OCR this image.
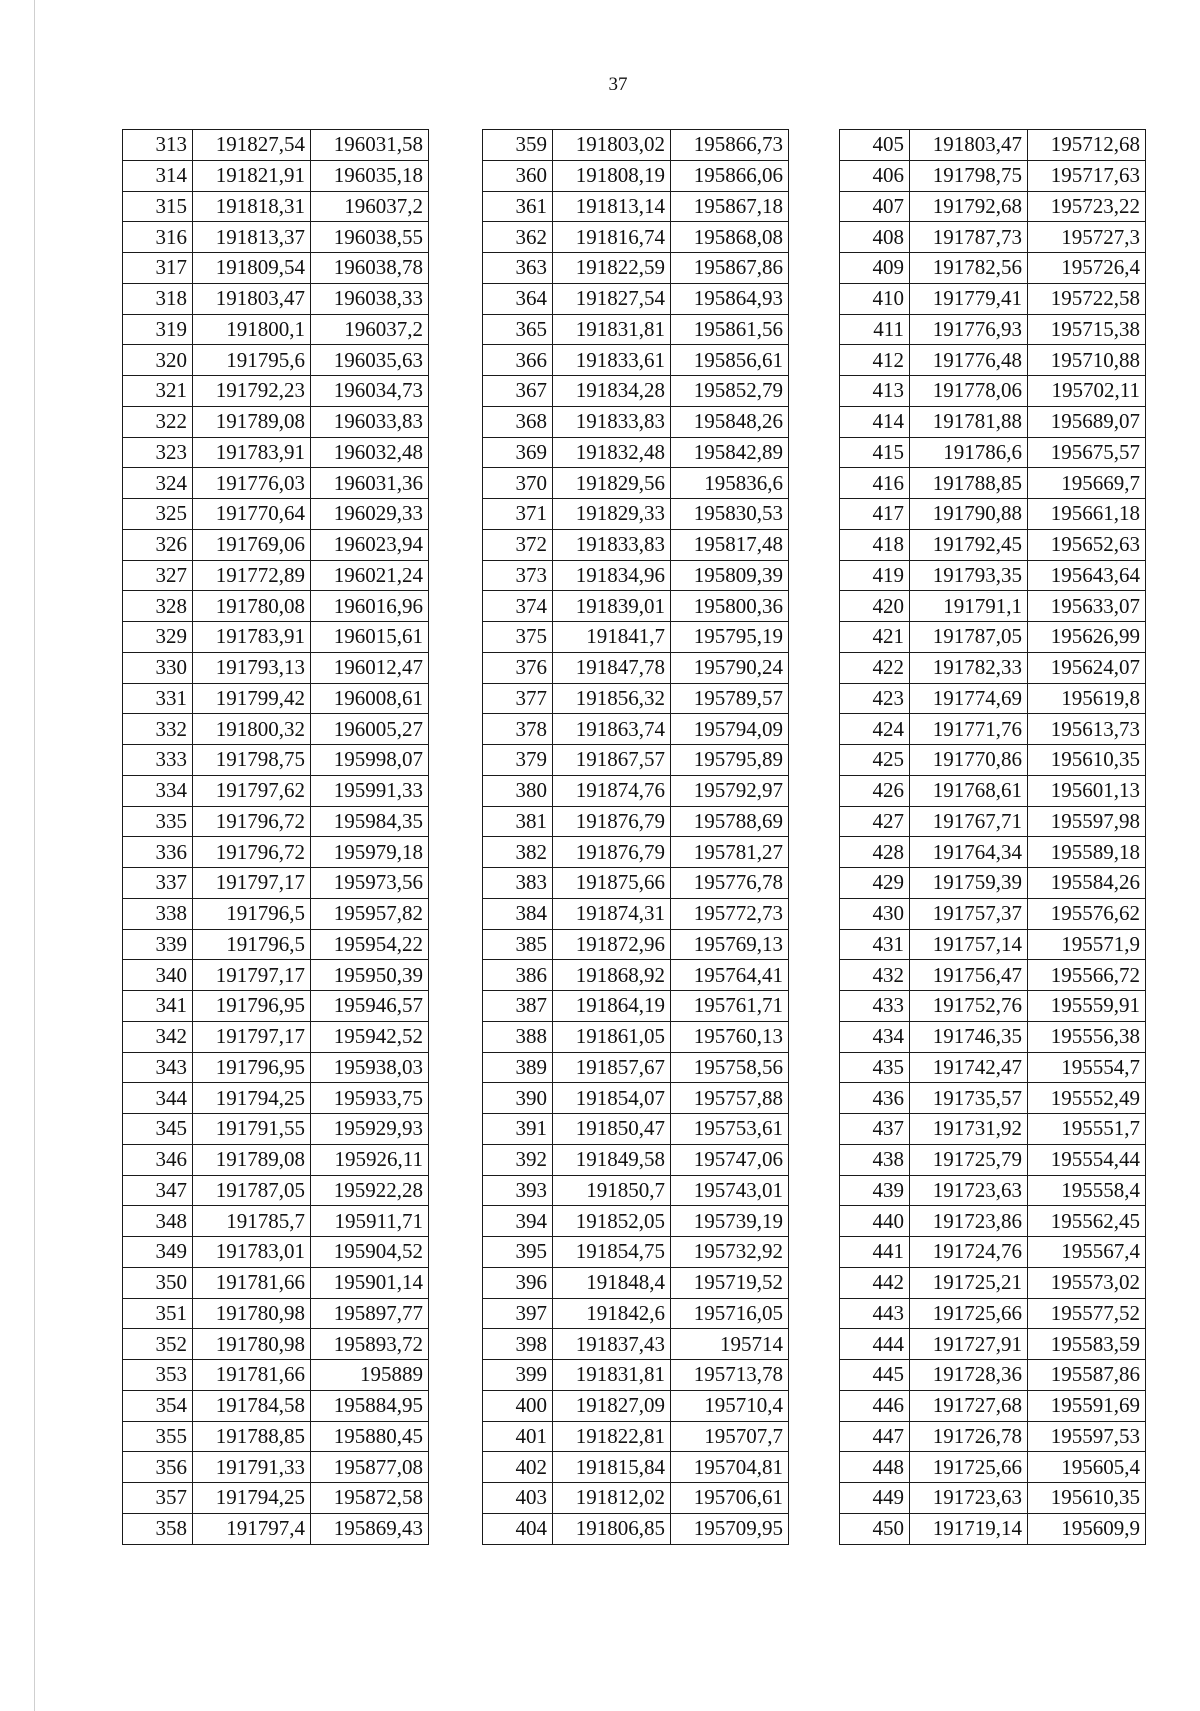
37
313	191827,54	196031,58
314	191821,91	196035,18
315	191818,31	196037,2
316	191813,37	196038,55
317	191809,54	196038,78
318	191803,47	196038,33
319	191800,1	196037,2
320	191795,6	196035,63
321	191792,23	196034,73
322	191789,08	196033,83
323	191783,91	196032,48
324	191776,03	196031,36
325	191770,64	196029,33
326	191769,06	196023,94
327	191772,89	196021,24
328	191780,08	196016,96
329	191783,91	196015,61
330	191793,13	196012,47
331	191799,42	196008,61
332	191800,32	196005,27
333	191798,75	195998,07
334	191797,62	195991,33
335	191796,72	195984,35
336	191796,72	195979,18
337	191797,17	195973,56
338	191796,5	195957,82
339	191796,5	195954,22
340	191797,17	195950,39
341	191796,95	195946,57
342	191797,17	195942,52
343	191796,95	195938,03
344	191794,25	195933,75
345	191791,55	195929,93
346	191789,08	195926,11
347	191787,05	195922,28
348	191785,7	195911,71
349	191783,01	195904,52
350	191781,66	195901,14
351	191780,98	195897,77
352	191780,98	195893,72
353	191781,66	195889
354	191784,58	195884,95
355	191788,85	195880,45
356	191791,33	195877,08
357	191794,25	195872,58
358	191797,4	195869,43
359	191803,02	195866,73
360	191808,19	195866,06
361	191813,14	195867,18
362	191816,74	195868,08
363	191822,59	195867,86
364	191827,54	195864,93
365	191831,81	195861,56
366	191833,61	195856,61
367	191834,28	195852,79
368	191833,83	195848,26
369	191832,48	195842,89
370	191829,56	195836,6
371	191829,33	195830,53
372	191833,83	195817,48
373	191834,96	195809,39
374	191839,01	195800,36
375	191841,7	195795,19
376	191847,78	195790,24
377	191856,32	195789,57
378	191863,74	195794,09
379	191867,57	195795,89
380	191874,76	195792,97
381	191876,79	195788,69
382	191876,79	195781,27
383	191875,66	195776,78
384	191874,31	195772,73
385	191872,96	195769,13
386	191868,92	195764,41
387	191864,19	195761,71
388	191861,05	195760,13
389	191857,67	195758,56
390	191854,07	195757,88
391	191850,47	195753,61
392	191849,58	195747,06
393	191850,7	195743,01
394	191852,05	195739,19
395	191854,75	195732,92
396	191848,4	195719,52
397	191842,6	195716,05
398	191837,43	195714
399	191831,81	195713,78
400	191827,09	195710,4
401	191822,81	195707,7
402	191815,84	195704,81
403	191812,02	195706,61
404	191806,85	195709,95
405	191803,47	195712,68
406	191798,75	195717,63
407	191792,68	195723,22
408	191787,73	195727,3
409	191782,56	195726,4
410	191779,41	195722,58
411	191776,93	195715,38
412	191776,48	195710,88
413	191778,06	195702,11
414	191781,88	195689,07
415	191786,6	195675,57
416	191788,85	195669,7
417	191790,88	195661,18
418	191792,45	195652,63
419	191793,35	195643,64
420	191791,1	195633,07
421	191787,05	195626,99
422	191782,33	195624,07
423	191774,69	195619,8
424	191771,76	195613,73
425	191770,86	195610,35
426	191768,61	195601,13
427	191767,71	195597,98
428	191764,34	195589,18
429	191759,39	195584,26
430	191757,37	195576,62
431	191757,14	195571,9
432	191756,47	195566,72
433	191752,76	195559,91
434	191746,35	195556,38
435	191742,47	195554,7
436	191735,57	195552,49
437	191731,92	195551,7
438	191725,79	195554,44
439	191723,63	195558,4
440	191723,86	195562,45
441	191724,76	195567,4
442	191725,21	195573,02
443	191725,66	195577,52
444	191727,91	195583,59
445	191728,36	195587,86
446	191727,68	195591,69
447	191726,78	195597,53
448	191725,66	195605,4
449	191723,63	195610,35
450	191719,14	195609,9
